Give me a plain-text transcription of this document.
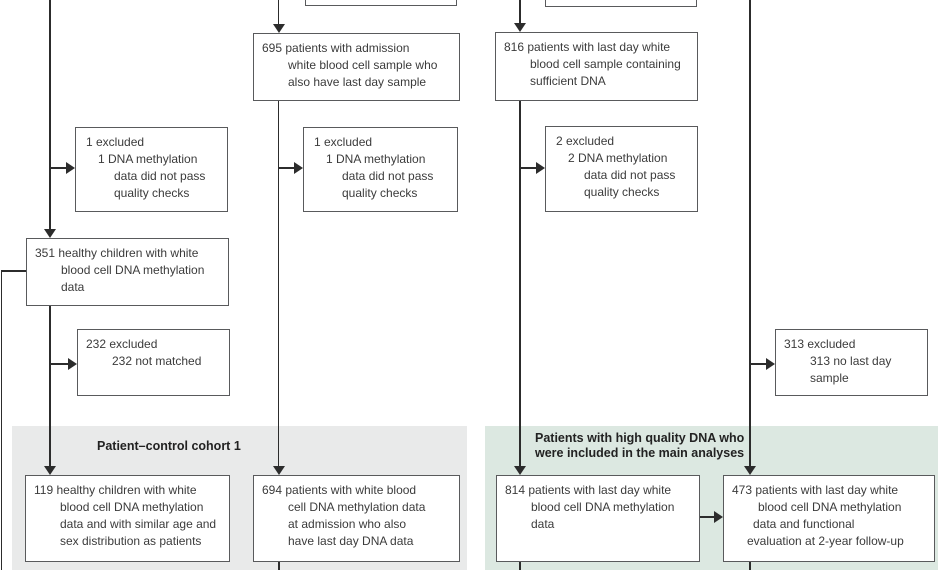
Patient–control cohort 1
Patients with high quality DNA who
were included in the main analyses
695 patients with admission
white blood cell sample who
also have last day sample
816 patients with last day white
blood cell sample containing
sufficient DNA
1 excluded
1 DNA methylation
data did not pass
quality checks
1 excluded
1 DNA methylation
data did not pass
quality checks
2 excluded
2 DNA methylation
data did not pass
quality checks
351 healthy children with white
blood cell DNA methylation
data
232 excluded
232 not matched
313 excluded
313 no last day
sample
119 healthy children with white
blood cell DNA methylation
data and with similar age and
sex distribution as patients
694 patients with white blood
cell DNA methylation data
at admission who also
have last day DNA data
814 patients with last day white
blood cell DNA methylation
data
473 patients with last day white
blood cell DNA methylation
data and functional
evaluation at 2-year follow-up
